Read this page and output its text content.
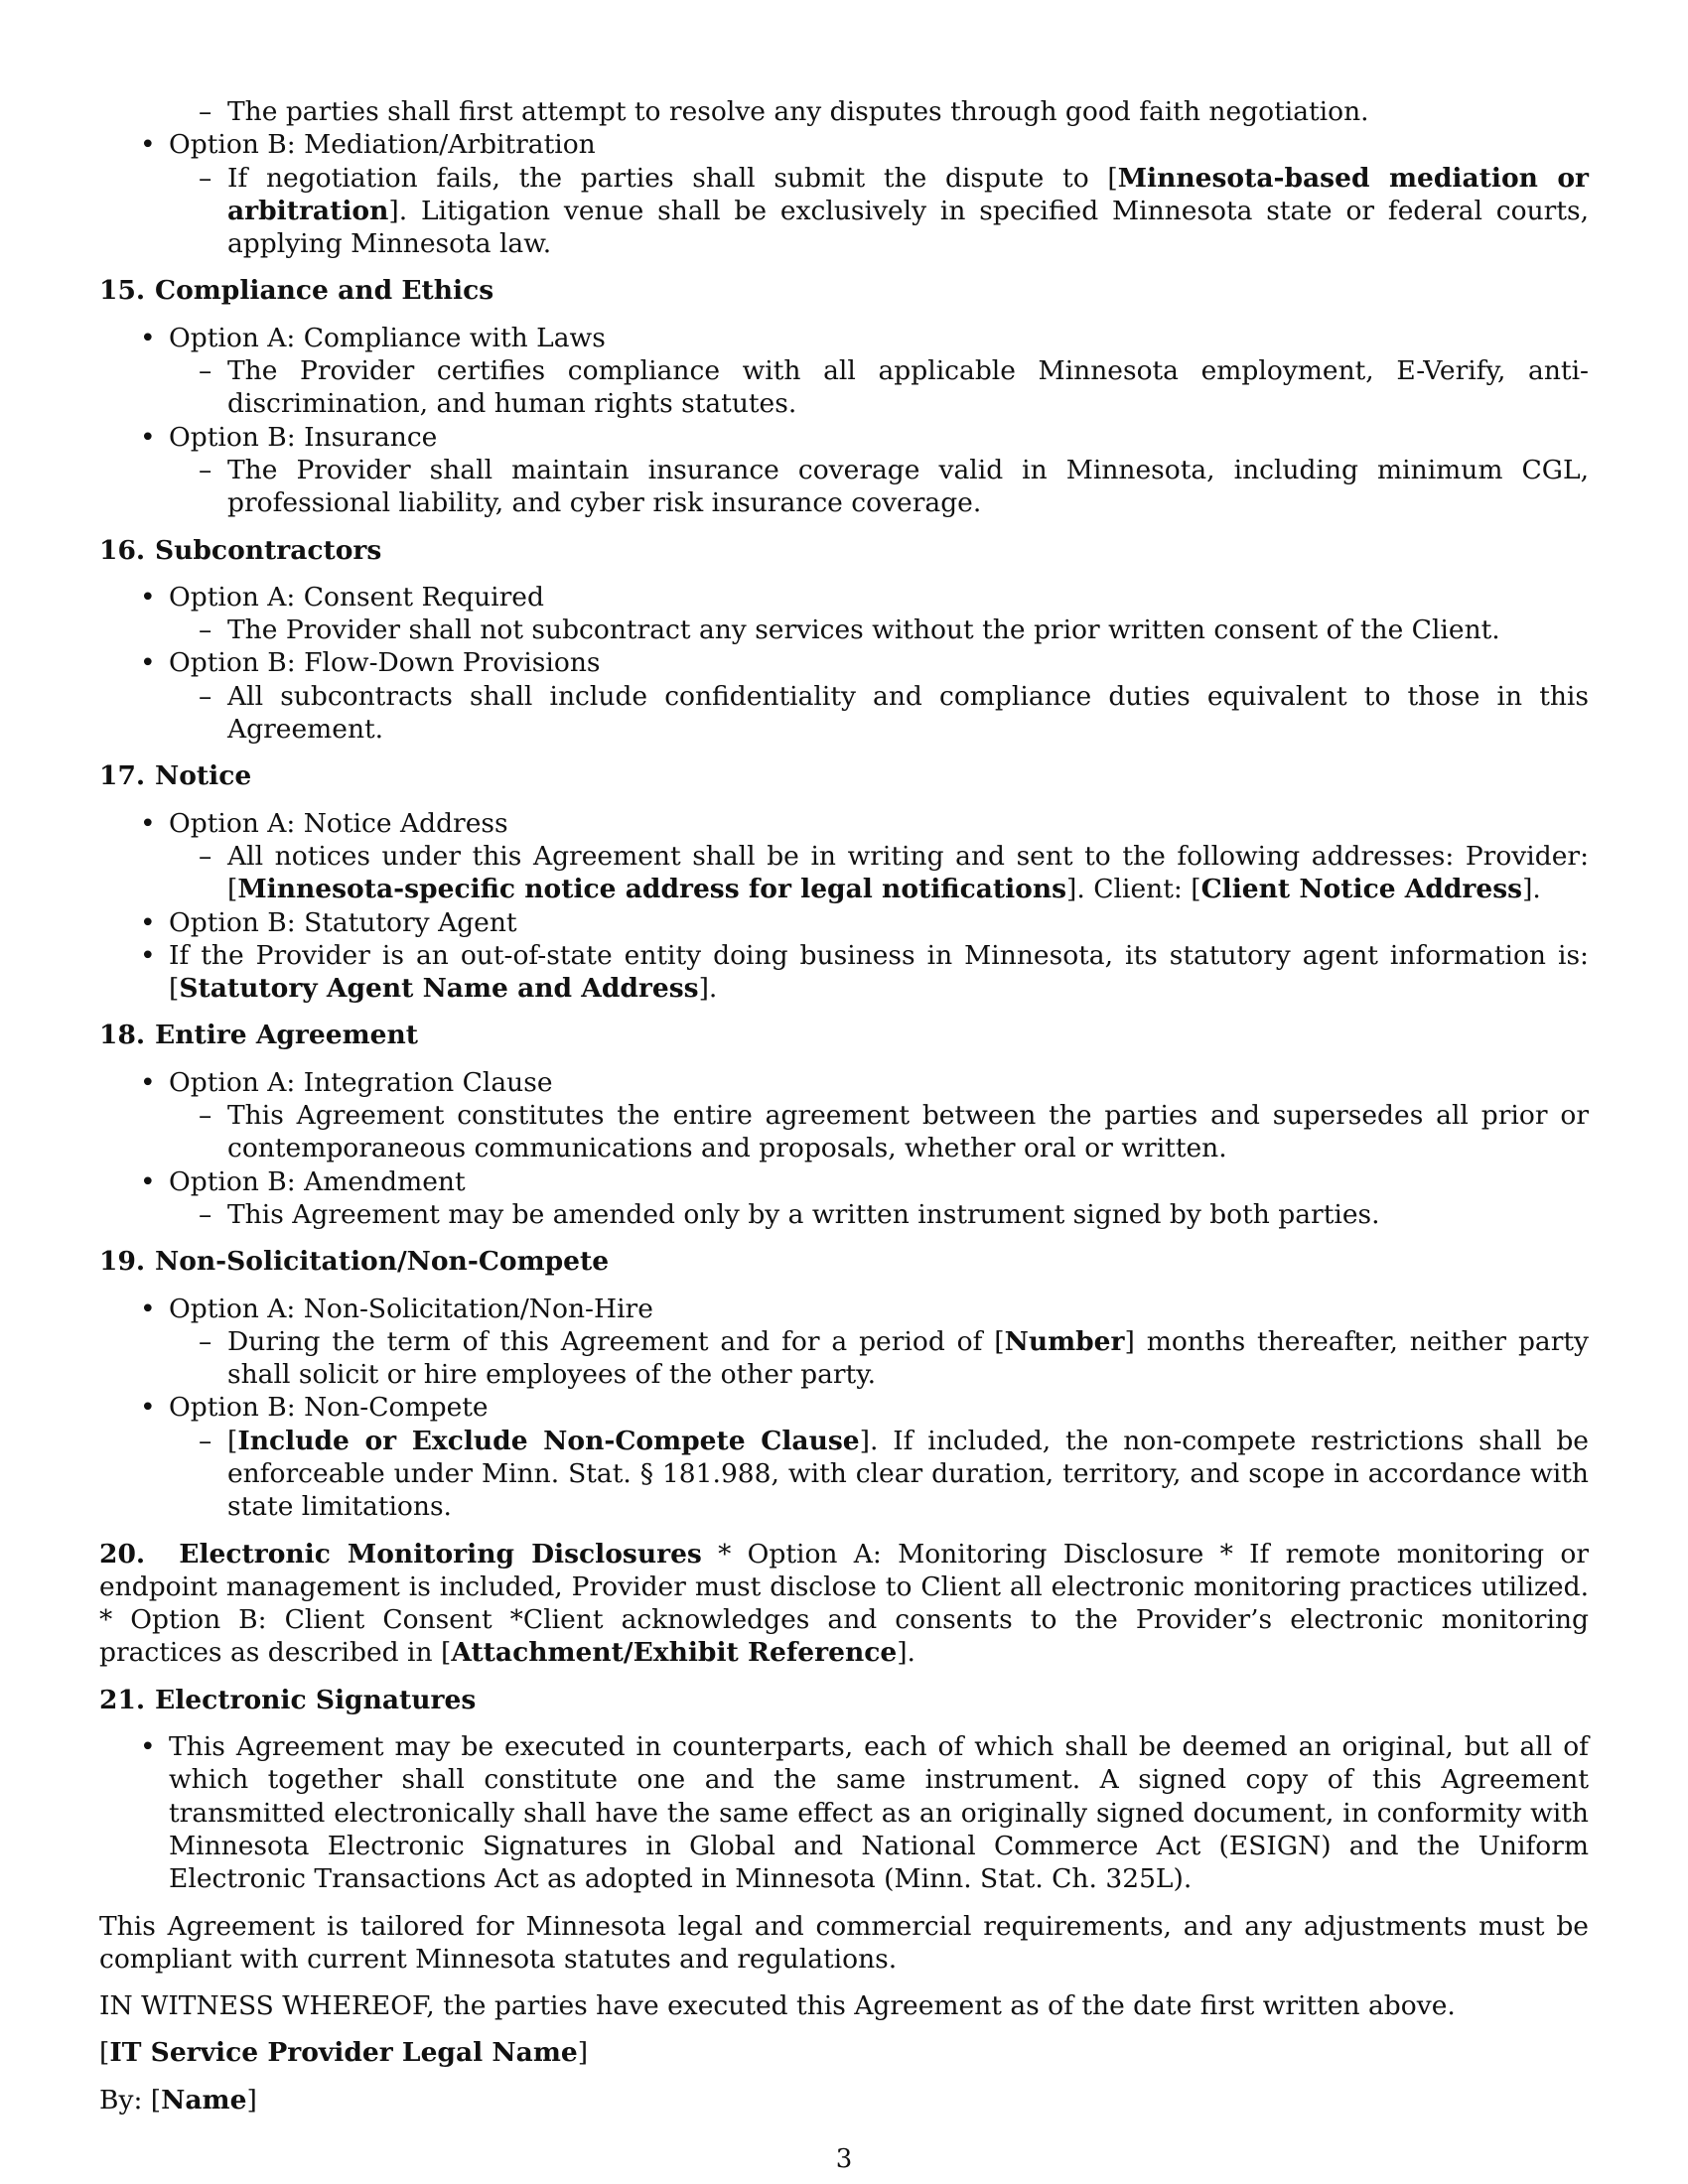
– The parties shall first attempt to resolve any disputes through good faith negotiation.
• Option B: Mediation/Arbitration
– If negotiation fails, the parties shall submit the dispute to [Minnesota-based mediation or arbitration]. Litigation venue shall be exclusively in specified Minnesota state or federal courts, applying Minnesota law.

15. Compliance and Ethics

• Option A: Compliance with Laws
– The Provider certifies compliance with all applicable Minnesota employment, E-Verify, anti-discrimination, and human rights statutes.
• Option B: Insurance
– The Provider shall maintain insurance coverage valid in Minnesota, including minimum CGL, professional liability, and cyber risk insurance coverage.

16. Subcontractors

• Option A: Consent Required
– The Provider shall not subcontract any services without the prior written consent of the Client.
• Option B: Flow-Down Provisions
– All subcontracts shall include confidentiality and compliance duties equivalent to those in this Agreement.

17. Notice

• Option A: Notice Address
– All notices under this Agreement shall be in writing and sent to the following addresses: Provider: [Minnesota-specific notice address for legal notifications]. Client: [Client Notice Address].
• Option B: Statutory Agent
• If the Provider is an out-of-state entity doing business in Minnesota, its statutory agent information is: [Statutory Agent Name and Address].

18. Entire Agreement

• Option A: Integration Clause
– This Agreement constitutes the entire agreement between the parties and supersedes all prior or contemporaneous communications and proposals, whether oral or written.
• Option B: Amendment
– This Agreement may be amended only by a written instrument signed by both parties.

19. Non-Solicitation/Non-Compete

• Option A: Non-Solicitation/Non-Hire
– During the term of this Agreement and for a period of [Number] months thereafter, neither party shall solicit or hire employees of the other party.
• Option B: Non-Compete
– [Include or Exclude Non-Compete Clause]. If included, the non-compete restrictions shall be enforceable under Minn. Stat. § 181.988, with clear duration, territory, and scope in accordance with state limitations.

20. Electronic Monitoring Disclosures * Option A: Monitoring Disclosure * If remote monitoring or endpoint management is included, Provider must disclose to Client all electronic monitoring practices utilized. * Option B: Client Consent *Client acknowledges and consents to the Provider’s electronic monitoring practices as described in [Attachment/Exhibit Reference].

21. Electronic Signatures

• This Agreement may be executed in counterparts, each of which shall be deemed an original, but all of which together shall constitute one and the same instrument. A signed copy of this Agreement transmitted electronically shall have the same effect as an originally signed document, in conformity with Minnesota Electronic Signatures in Global and National Commerce Act (ESIGN) and the Uniform Electronic Transactions Act as adopted in Minnesota (Minn. Stat. Ch. 325L).

This Agreement is tailored for Minnesota legal and commercial requirements, and any adjustments must be compliant with current Minnesota statutes and regulations.

IN WITNESS WHEREOF, the parties have executed this Agreement as of the date first written above.

[IT Service Provider Legal Name]

By: [Name]

3
